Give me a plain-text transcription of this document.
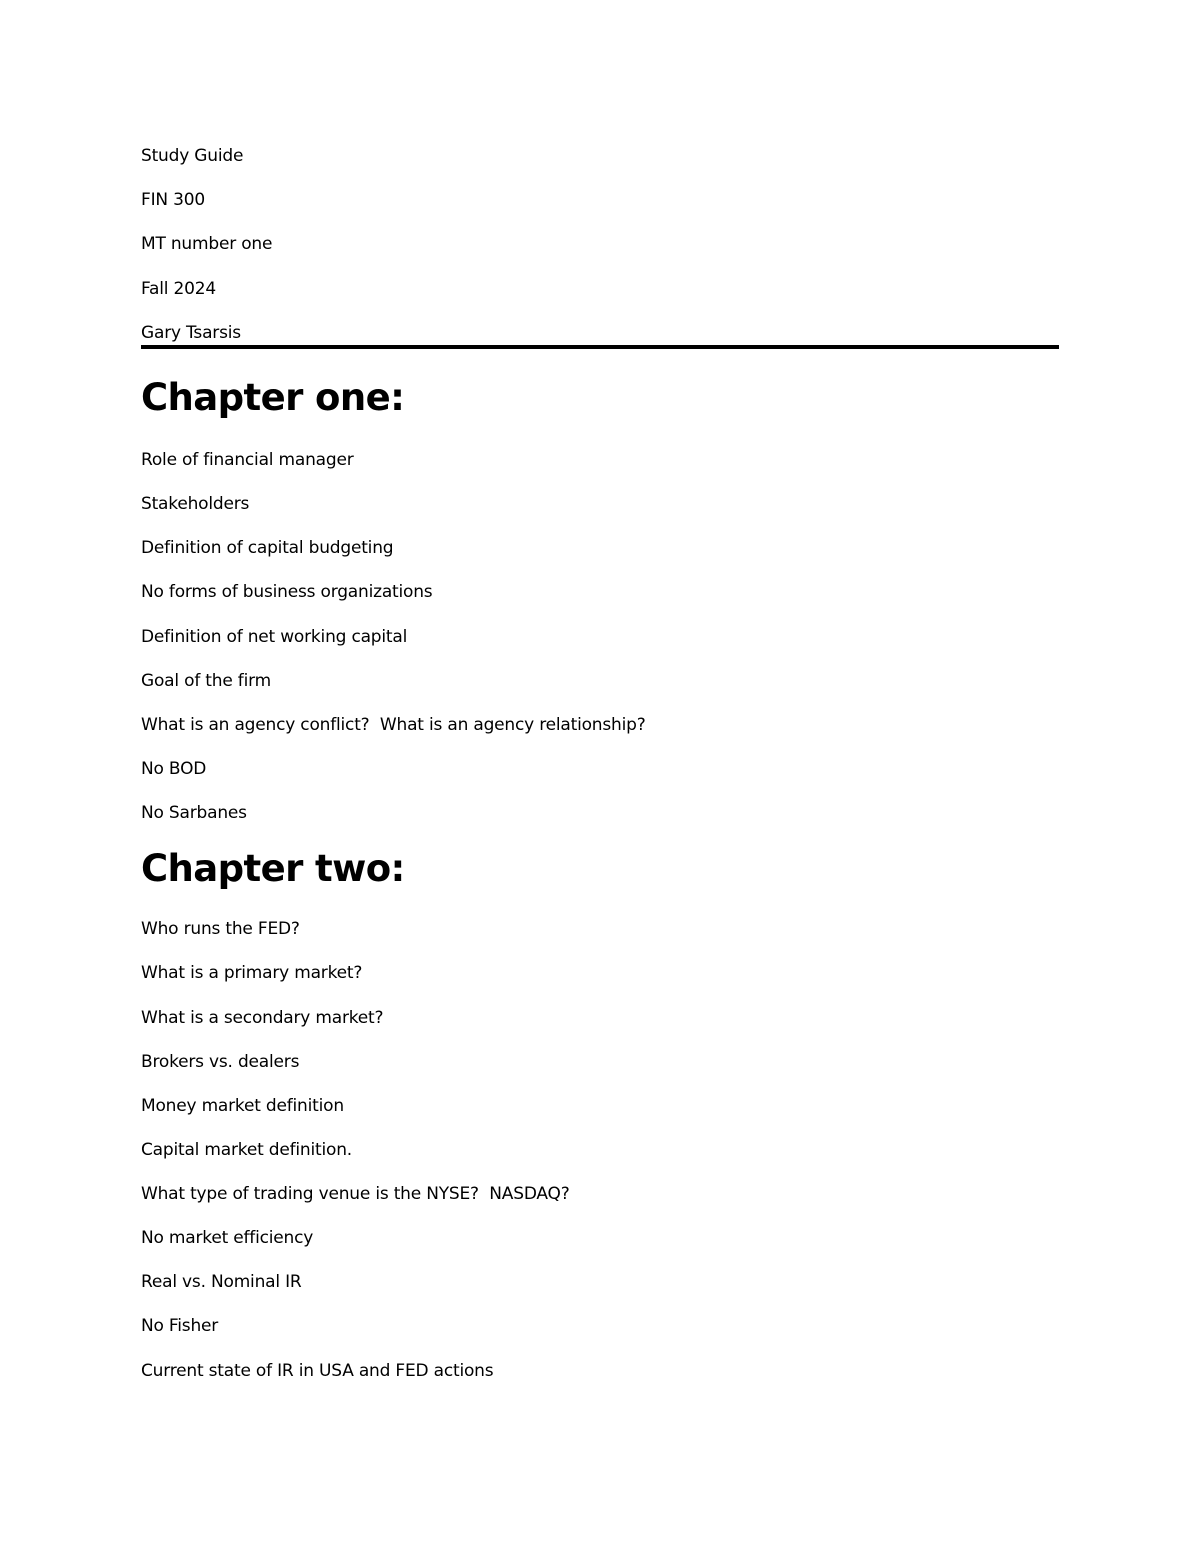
Study Guide
FIN 300
MT number one
Fall 2024
Gary Tsarsis
Chapter one:
Role of financial manager
Stakeholders
Definition of capital budgeting
No forms of business organizations
Definition of net working capital
Goal of the firm
What is an agency conflict?  What is an agency relationship?
No BOD
No Sarbanes
Chapter two:
Who runs the FED?
What is a primary market?
What is a secondary market?
Brokers vs. dealers
Money market definition
Capital market definition.
What type of trading venue is the NYSE?  NASDAQ?
No market efficiency
Real vs. Nominal IR
No Fisher
Current state of IR in USA and FED actions
